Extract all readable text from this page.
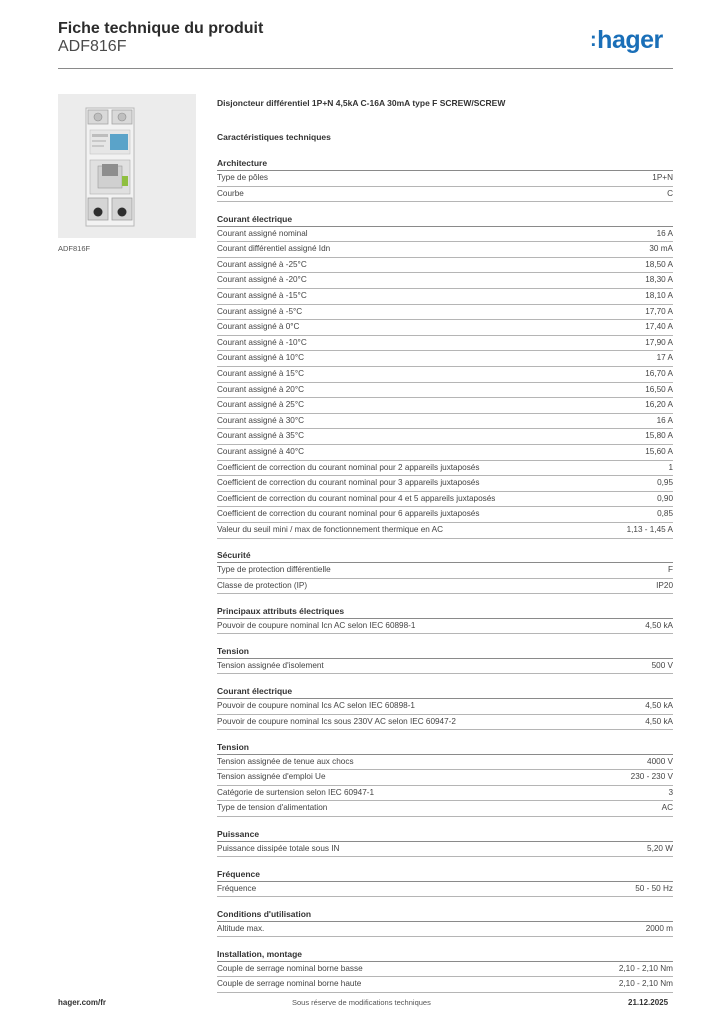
Fiche technique du produit
ADF816F	:hager
ADF816F
Disjoncteur différentiel 1P+N 4,5kA C-16A 30mA type F SCREW/SCREW
Caractéristiques techniques
Architecture
Type de pôles	1P+N
Courbe	C
Courant électrique
Courant assigné nominal	16 A
Courant différentiel assigné Idn	30 mA
Courant assigné à -25°C	18,50 A
Courant assigné à -20°C	18,30 A
Courant assigné à -15°C	18,10 A
Courant assigné à -5°C	17,70 A
Courant assigné à 0°C	17,40 A
Courant assigné à -10°C	17,90 A
Courant assigné à 10°C	17 A
Courant assigné à 15°C	16,70 A
Courant assigné à 20°C	16,50 A
Courant assigné à 25°C	16,20 A
Courant assigné à 30°C	16 A
Courant assigné à 35°C	15,80 A
Courant assigné à 40°C	15,60 A
Coefficient de correction du courant nominal pour 2 appareils juxtaposés	1
Coefficient de correction du courant nominal pour 3 appareils juxtaposés	0,95
Coefficient de correction du courant nominal pour 4 et 5 appareils juxtaposés	0,90
Coefficient de correction du courant nominal pour 6 appareils juxtaposés	0,85
Valeur du seuil mini / max de fonctionnement thermique en AC	1,13 - 1,45 A
Sécurité
Type de protection différentielle	F
Classe de protection (IP)	IP20
Principaux attributs électriques
Pouvoir de coupure nominal Icn AC selon IEC 60898-1	4,50 kA
Tension
Tension assignée d'isolement	500 V
Courant électrique
Pouvoir de coupure nominal Ics AC selon IEC 60898-1	4,50 kA
Pouvoir de coupure nominal Ics sous 230V AC selon IEC 60947-2	4,50 kA
Tension
Tension assignée de tenue aux chocs	4000 V
Tension assignée d'emploi Ue	230 - 230 V
Catégorie de surtension selon IEC 60947-1	3
Type de tension d'alimentation	AC
Puissance
Puissance dissipée totale sous IN	5,20 W
Fréquence
Fréquence	50 - 50 Hz
Conditions d'utilisation
Altitude max.	2000 m
Installation, montage
Couple de serrage nominal borne basse	2,10 - 2,10 Nm
Couple de serrage nominal borne haute	2,10 - 2,10 Nm
hager.com/fr	Sous réserve de modifications techniques	21.12.2025
